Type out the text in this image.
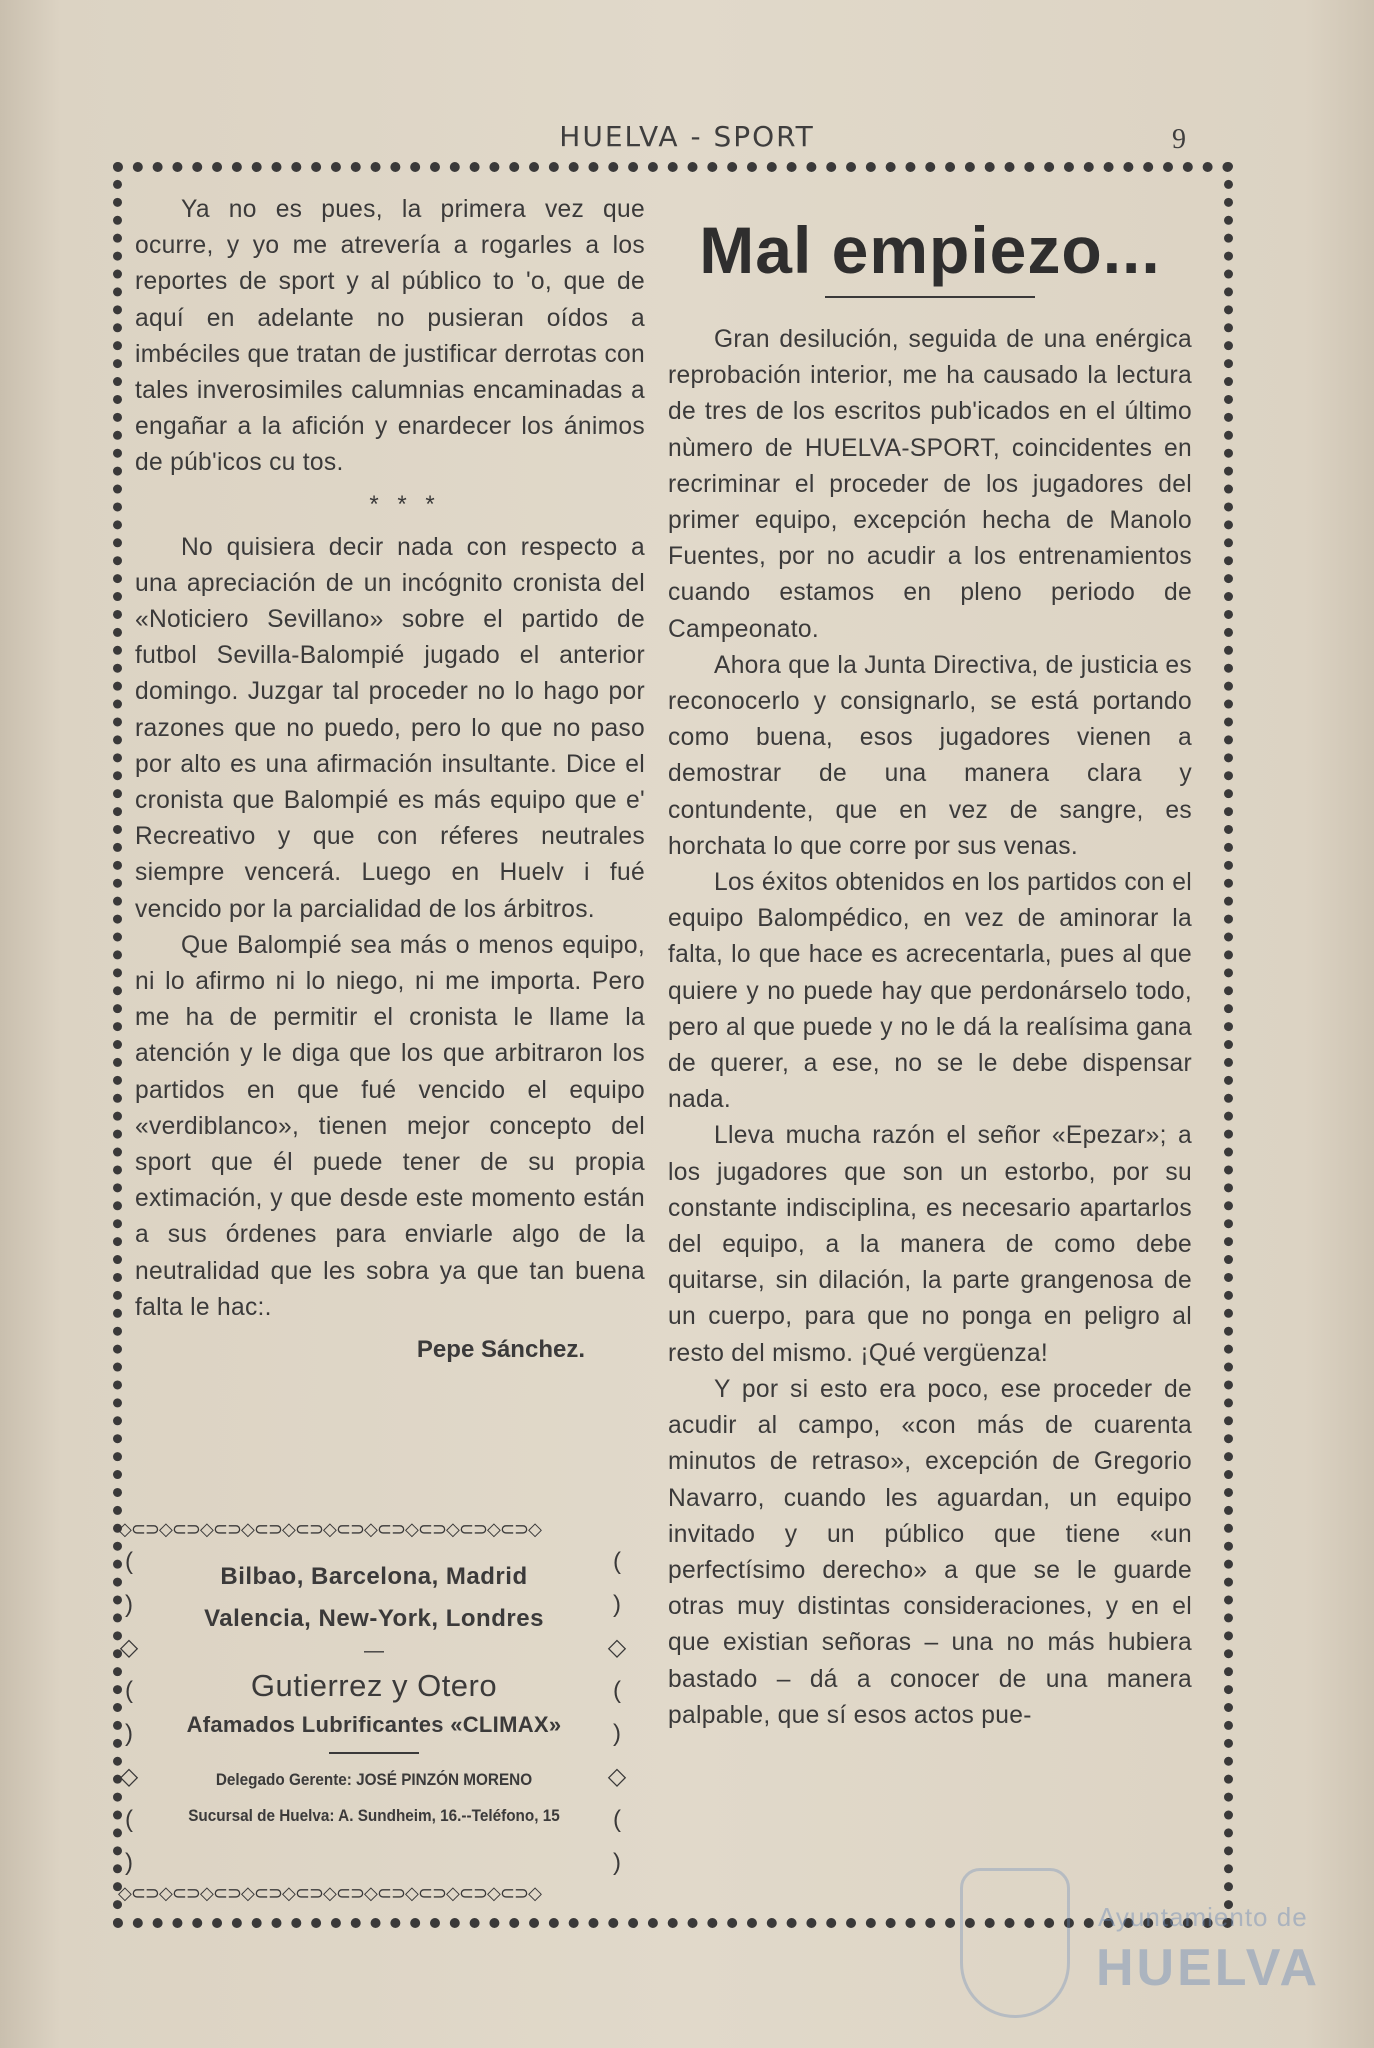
HUELVA - SPORT	9

Ya no es pues, la primera vez que ocurre, y yo me atrevería a rogarles a los reportes de sport y al público to 'o, que de aquí en adelante no pusieran oídos a imbéciles que tratan de justificar derrotas con tales inverosimiles calumnias encaminadas a engañar a la afición y enardecer los ánimos de púb'icos cu tos.

* * *

No quisiera decir nada con respecto a una apreciación de un incógnito cronista del «Noticiero Sevillano» sobre el partido de futbol Sevilla-Balompié jugado el anterior domingo. Juzgar tal proceder no lo hago por razones que no puedo, pero lo que no paso por alto es una afirmación insultante. Dice el cronista que Balompié es más equipo que e' Recreativo y que con réferes neutrales siempre vencerá. Luego en Huelv i fué vencido por la parcialidad de los árbitros.

Que Balompié sea más o menos equipo, ni lo afirmo ni lo niego, ni me importa. Pero me ha de permitir el cronista le llame la atención y le diga que los que arbitraron los partidos en que fué vencido el equipo «verdiblanco», tienen mejor concepto del sport que él puede tener de su propia extimación, y que desde este momento están a sus órdenes para enviarle algo de la neutralidad que les sobra ya que tan buena falta le hac:.

Pepe Sánchez.
◇⊂⊃◇⊂⊃◇⊂⊃◇⊂⊃◇⊂⊃◇⊂⊃◇⊂⊃◇⊂⊃◇⊂⊃◇⊂⊃◇
(
)
◇
(
)
◇
(
)
(
)
◇
(
)
◇
(
)
◇⊂⊃◇⊂⊃◇⊂⊃◇⊂⊃◇⊂⊃◇⊂⊃◇⊂⊃◇⊂⊃◇⊂⊃◇⊂⊃◇
Bilbao, Barcelona, Madrid
Valencia, New-York, Londres
—
Gutierrez y Otero
Afamados Lubrificantes «CLIMAX»
Delegado Gerente: JOSÉ PINZÓN MORENO
Sucursal de Huelva: A. Sundheim, 16.--Teléfono, 15
Mal empiezo...

Gran desilución, seguida de una enérgica reprobación interior, me ha causado la lectura de tres de los escritos pub'icados en el último nùmero de HUELVA-SPORT, coincidentes en recriminar el proceder de los jugadores del primer equipo, excepción hecha de Manolo Fuentes, por no acudir a los entrenamientos cuando estamos en pleno periodo de Campeonato.

Ahora que la Junta Directiva, de justicia es reconocerlo y consignarlo, se está portando como buena, esos jugadores vienen a demostrar de una manera clara y contundente, que en vez de sangre, es horchata lo que corre por sus venas.

Los éxitos obtenidos en los partidos con el equipo Balompédico, en vez de aminorar la falta, lo que hace es acrecentarla, pues al que quiere y no puede hay que perdonárselo todo, pero al que puede y no le dá la realísima gana de querer, a ese, no se le debe dispensar nada.

Lleva mucha razón el señor «Epezar»; a los jugadores que son un estorbo, por su constante indisciplina, es necesario apartarlos del equipo, a la manera de como debe quitarse, sin dilación, la parte grangenosa de un cuerpo, para que no ponga en peligro al resto del mismo. ¡Qué vergüenza!

Y por si esto era poco, ese proceder de acudir al campo, «con más de cuarenta minutos de retraso», excepción de Gregorio Navarro, cuando les aguardan, un equipo invitado y un público que tiene «un perfectísimo derecho» a que se le guarde otras muy distintas consideraciones, y en el que existian señoras – una no más hubiera bastado – dá a conocer de una manera palpable, que sí esos actos pue-

Ayuntamiento de
HUELVA
